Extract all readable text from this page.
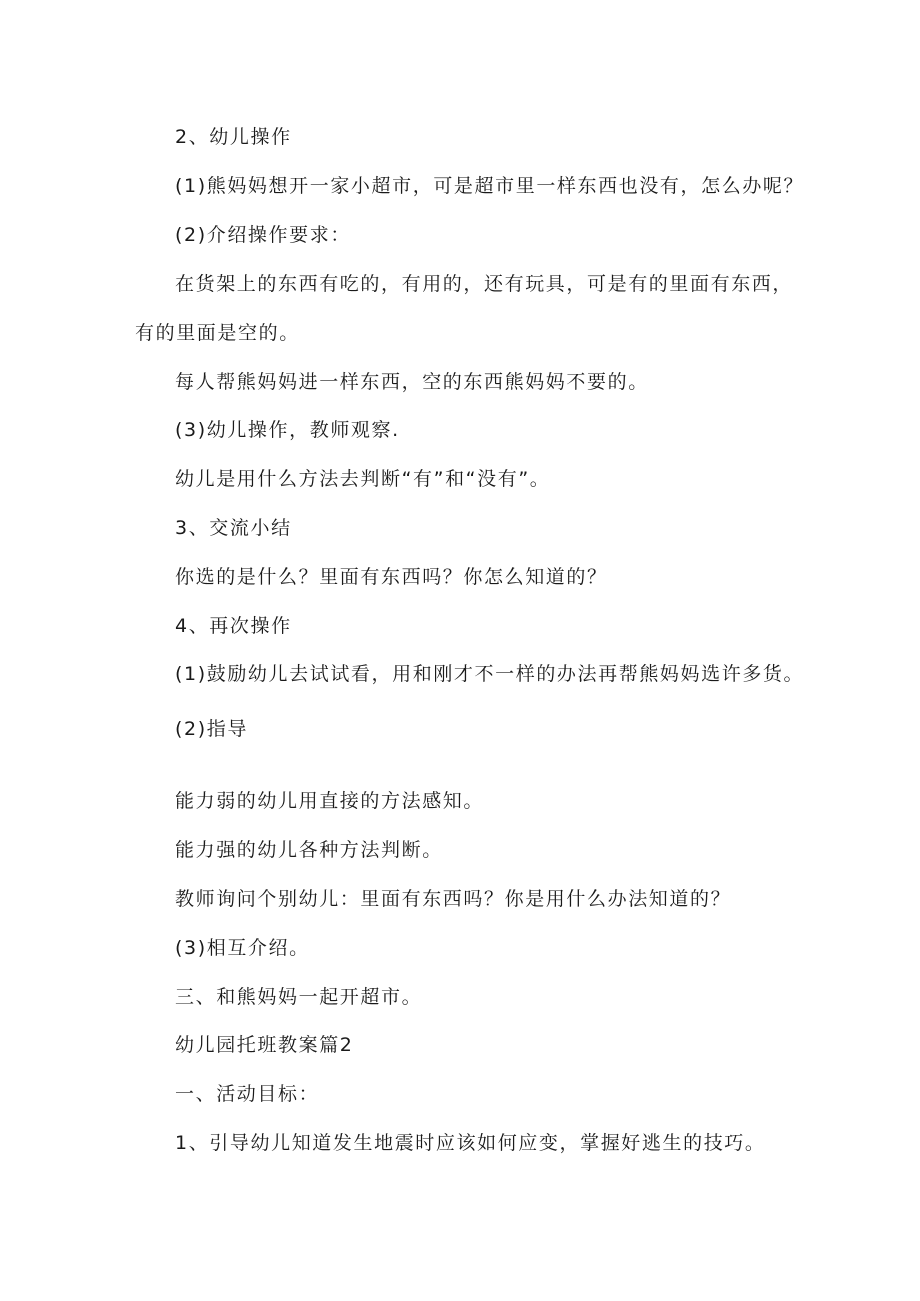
2、幼儿操作
(1)熊妈妈想开一家小超市，可是超市里一样东西也没有，怎么办呢？
(2)介绍操作要求：
在货架上的东西有吃的，有用的，还有玩具，可是有的里面有东西，
有的里面是空的。
每人帮熊妈妈进一样东西，空的东西熊妈妈不要的。
(3)幼儿操作，教师观察.
幼儿是用什么方法去判断“有”和“没有”。
3、交流小结
你选的是什么？里面有东西吗？你怎么知道的？
4、再次操作
(1)鼓励幼儿去试试看，用和刚才不一样的办法再帮熊妈妈选许多货。
(2)指导
能力弱的幼儿用直接的方法感知。
能力强的幼儿各种方法判断。
教师询问个别幼儿：里面有东西吗？你是用什么办法知道的？
(3)相互介绍。
三、和熊妈妈一起开超市。
幼儿园托班教案篇2
一、活动目标：
1、引导幼儿知道发生地震时应该如何应变，掌握好逃生的技巧。
